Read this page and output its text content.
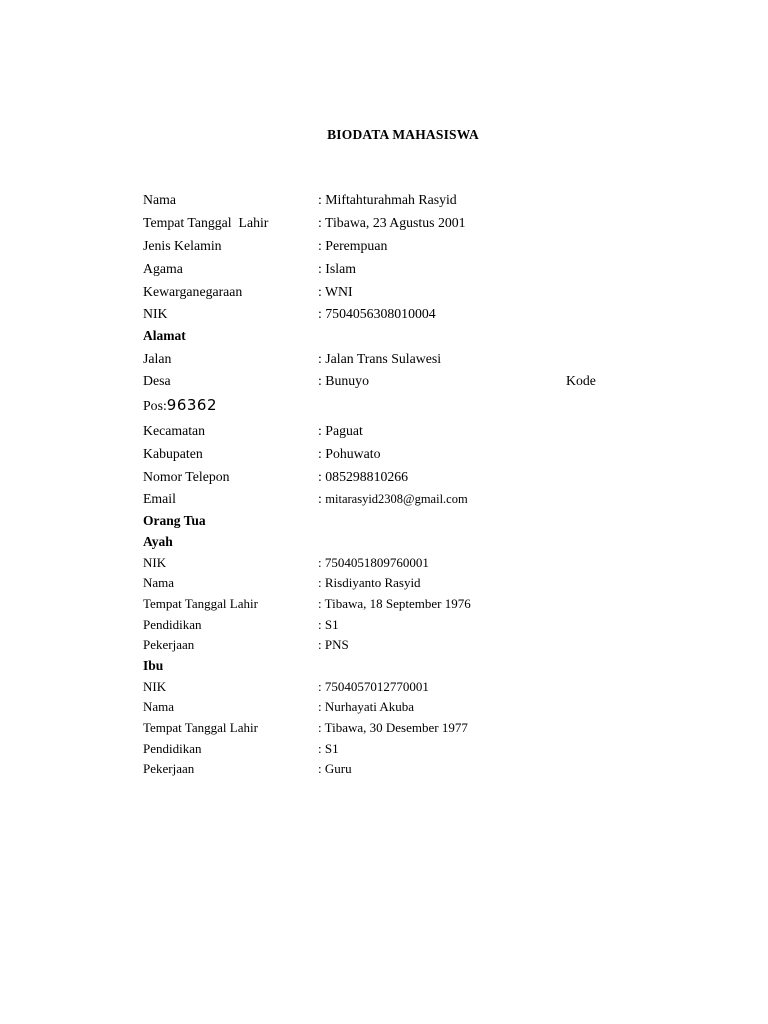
BIODATA MAHASISWA
Nama	: Miftahturahmah Rasyid
Tempat Tanggal  Lahir	: Tibawa, 23 Agustus 2001
Jenis Kelamin	: Perempuan
Agama	: Islam
Kewarganegaraan	: WNI
NIK	: 7504056308010004
Alamat
Jalan	: Jalan Trans Sulawesi
Desa	: Bunuyo	Kode
Pos:96362
Kecamatan	: Paguat
Kabupaten	: Pohuwato
Nomor Telepon	: 085298810266
Email	: mitarasyid2308@gmail.com
Orang Tua
Ayah
NIK	: 7504051809760001
Nama	: Risdiyanto Rasyid
Tempat Tanggal Lahir	: Tibawa, 18 September 1976
Pendidikan	: S1
Pekerjaan	: PNS
Ibu
NIK	: 7504057012770001
Nama	: Nurhayati Akuba
Tempat Tanggal Lahir	: Tibawa, 30 Desember 1977
Pendidikan	: S1
Pekerjaan	: Guru
